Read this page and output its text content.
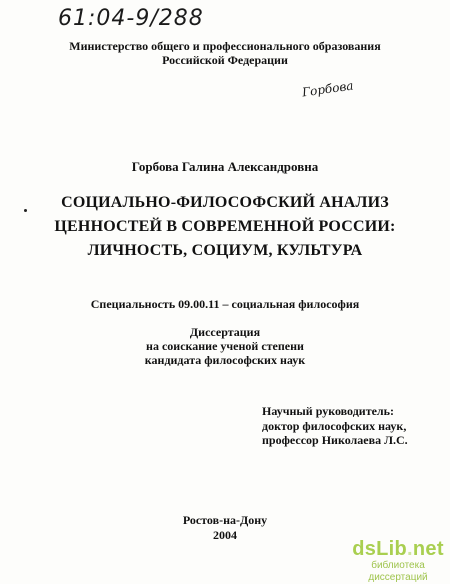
61:04-9/288
Горбова
Министерство общего и профессионального образования
Российской Федерации
Горбова Галина Александровна
СОЦИАЛЬНО-ФИЛОСОФСКИЙ АНАЛИЗ
ЦЕННОСТЕЙ В СОВРЕМЕННОЙ РОССИИ:
ЛИЧНОСТЬ, СОЦИУМ, КУЛЬТУРА
Специальность 09.00.11 – социальная философия
Диссертация
на соискание ученой степени
кандидата философских наук
Научный руководитель:
доктор философских наук,
профессор Николаева Л.С.
Ростов-на-Дону
2004
dsLib.net
библиотека диссертаций
